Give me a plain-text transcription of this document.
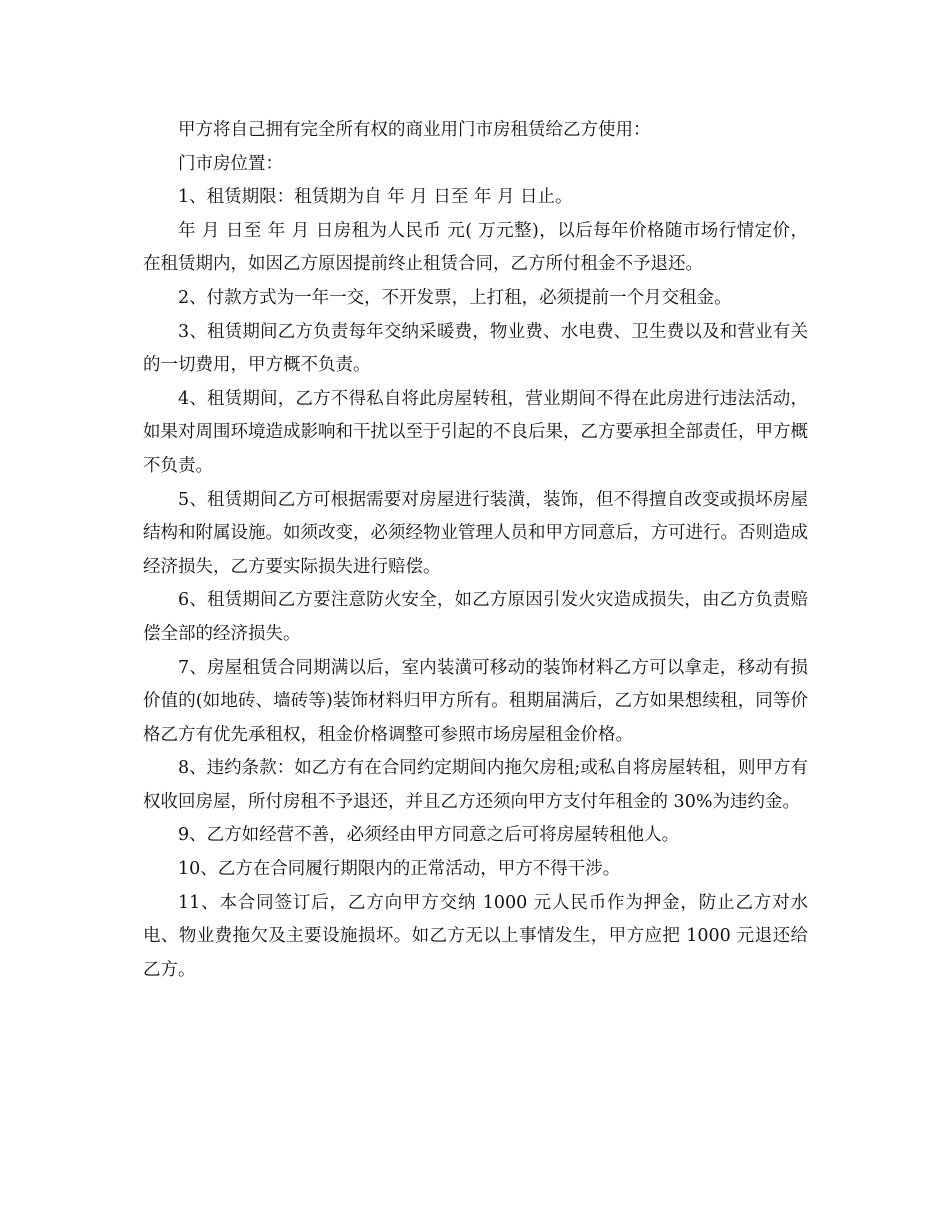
甲方将自己拥有完全所有权的商业用门市房租赁给乙方使用：

门市房位置：

1、租赁期限：租赁期为自 年 月 日至 年 月 日止。

年 月 日至 年 月 日房租为人民币 元( 万元整)，以后每年价格随市场行情定价，在租赁期内，如因乙方原因提前终止租赁合同，乙方所付租金不予退还。

2、付款方式为一年一交，不开发票，上打租，必须提前一个月交租金。

3、租赁期间乙方负责每年交纳采暖费，物业费、水电费、卫生费以及和营业有关的一切费用，甲方概不负责。

4、租赁期间，乙方不得私自将此房屋转租，营业期间不得在此房进行违法活动，如果对周围环境造成影响和干扰以至于引起的不良后果，乙方要承担全部责任，甲方概不负责。

5、租赁期间乙方可根据需要对房屋进行装潢，装饰，但不得擅自改变或损坏房屋结构和附属设施。如须改变，必须经物业管理人员和甲方同意后，方可进行。否则造成经济损失，乙方要实际损失进行赔偿。

6、租赁期间乙方要注意防火安全，如乙方原因引发火灾造成损失，由乙方负责赔偿全部的经济损失。

7、房屋租赁合同期满以后，室内装潢可移动的装饰材料乙方可以拿走，移动有损价值的(如地砖、墙砖等)装饰材料归甲方所有。租期届满后，乙方如果想续租，同等价格乙方有优先承租权，租金价格调整可参照市场房屋租金价格。

8、违约条款：如乙方有在合同约定期间内拖欠房租;或私自将房屋转租，则甲方有权收回房屋，所付房租不予退还，并且乙方还须向甲方支付年租金的 30%为违约金。

9、乙方如经营不善，必须经由甲方同意之后可将房屋转租他人。

10、乙方在合同履行期限内的正常活动，甲方不得干涉。

11、本合同签订后，乙方向甲方交纳 1000 元人民币作为押金，防止乙方对水电、物业费拖欠及主要设施损坏。如乙方无以上事情发生，甲方应把 1000 元退还给乙方。
